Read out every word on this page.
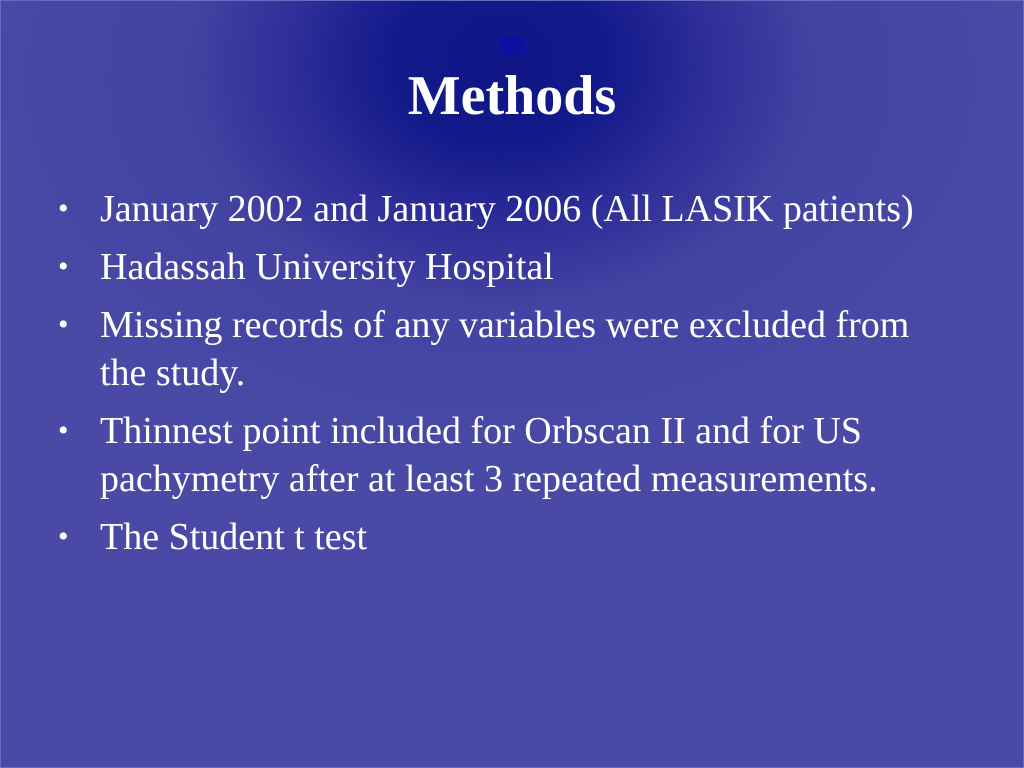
Methods
• January 2002 and January 2006 (All LASIK patients)
• Hadassah University Hospital
• Missing records of any variables were excluded from the study.
• Thinnest point included for Orbscan II and for US pachymetry after at least 3 repeated measurements.
• The Student t test
